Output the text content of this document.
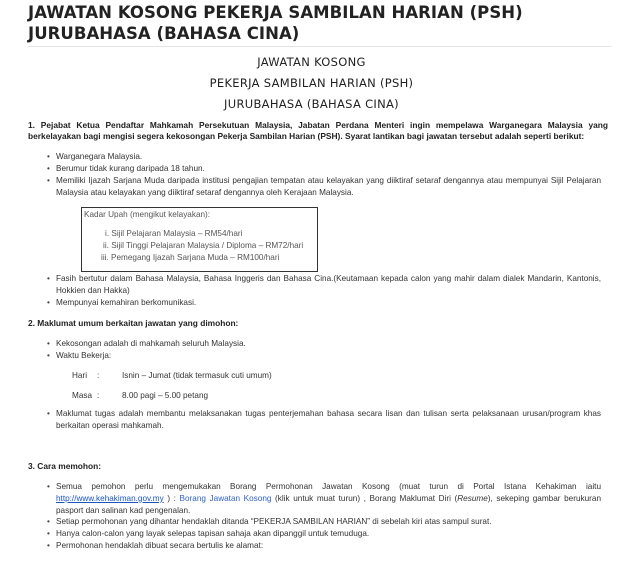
JAWATAN KOSONG PEKERJA SAMBILAN HARIAN (PSH) JURUBAHASA (BAHASA CINA)
JAWATAN KOSONG
PEKERJA SAMBILAN HARIAN (PSH)
JURUBAHASA (BAHASA CINA)
1. Pejabat Ketua Pendaftar Mahkamah Persekutuan Malaysia, Jabatan Perdana Menteri ingin mempelawa Warganegara Malaysia yang berkelayakan bagi mengisi segera kekosongan Pekerja Sambilan Harian (PSH). Syarat lantikan bagi jawatan tersebut adalah seperti berikut:
• Warganegara Malaysia.
• Berumur tidak kurang daripada 18 tahun.
• Memiliki Ijazah Sarjana Muda daripada institusi pengajian tempatan atau kelayakan yang diiktiraf setaraf dengannya atau mempunyai Sijil Pelajaran Malaysia atau kelayakan yang diiktiraf setaraf dengannya oleh Kerajaan Malaysia.
Kadar Upah (mengikut kelayakan):
i. Sijil Pelajaran Malaysia – RM54/hari
ii. Sijil Tinggi Pelajaran Malaysia / Diploma – RM72/hari
iii. Pemegang Ijazah Sarjana Muda – RM100/hari
• Fasih bertutur dalam Bahasa Malaysia, Bahasa Inggeris dan Bahasa Cina.(Keutamaan kepada calon yang mahir dalam dialek Mandarin, Kantonis, Hokkien dan Hakka)
• Mempunyai kemahiran berkomunikasi.
2. Maklumat umum berkaitan jawatan yang dimohon:
• Kekosongan adalah di mahkamah seluruh Malaysia.
• Waktu Bekerja:
Hari :	Isnin – Jumat (tidak termasuk cuti umum)
Masa :	8.00 pagi – 5.00 petang
• Maklumat tugas adalah membantu melaksanakan tugas penterjemahan bahasa secara lisan dan tulisan serta pelaksanaan urusan/program khas berkaitan operasi mahkamah.
3. Cara memohon:
• Semua pemohon perlu mengemukakan Borang Permohonan Jawatan Kosong (muat turun di Portal Istana Kehakiman iaitu http://www.kehakiman.gov.my ) : Borang Jawatan Kosong (klik untuk muat turun) , Borang Maklumat Diri (Resume), sekeping gambar berukuran pasport dan salinan kad pengenalan.
• Setiap permohonan yang dihantar hendaklah ditanda “PEKERJA SAMBILAN HARIAN” di sebelah kiri atas sampul surat.
• Hanya calon-calon yang layak selepas tapisan sahaja akan dipanggil untuk temuduga.
• Permohonan hendaklah dibuat secara bertulis ke alamat:
